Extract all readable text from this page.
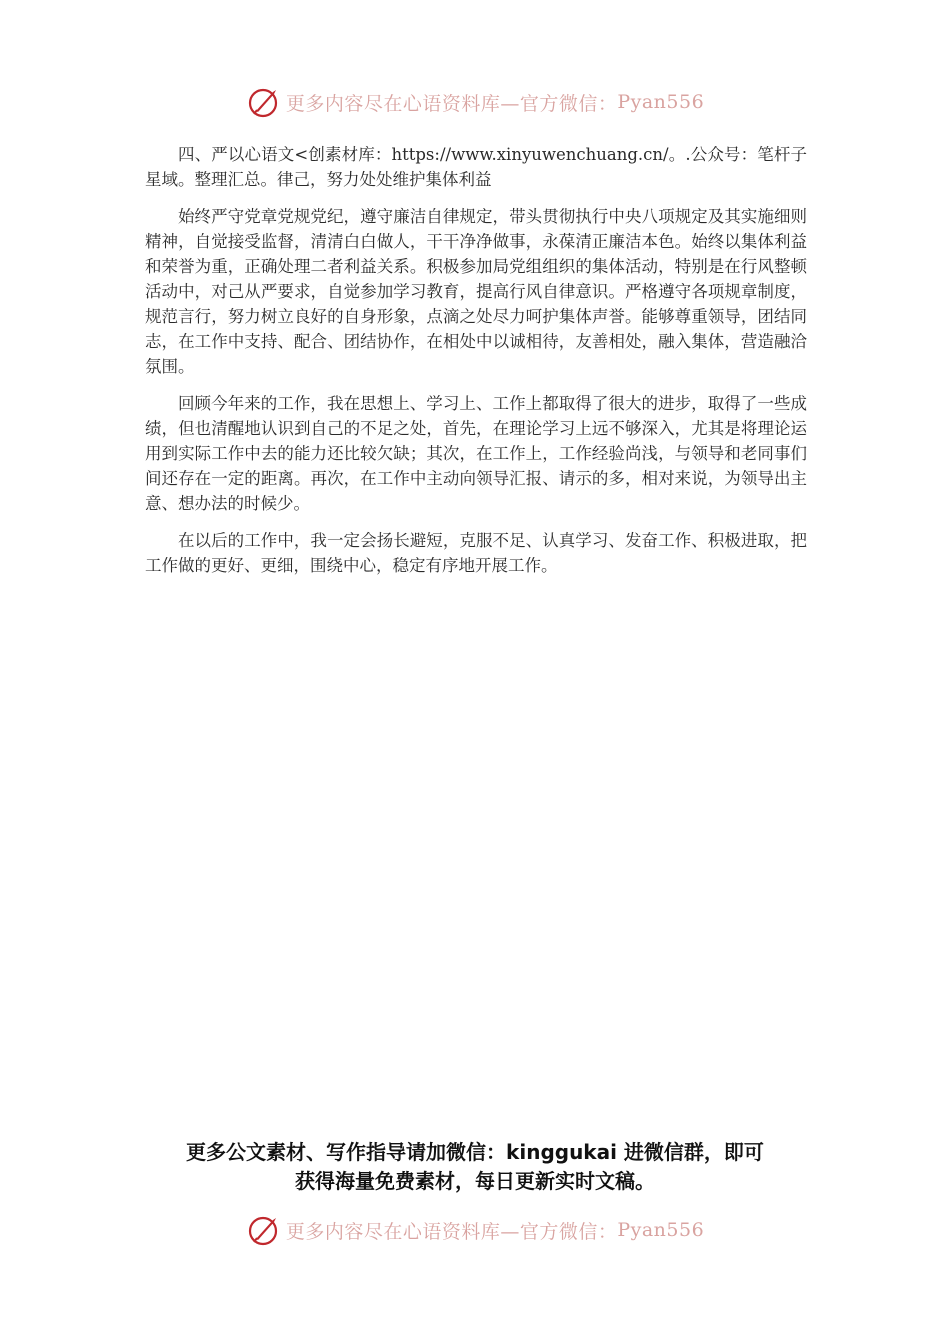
更多内容尽在心语资料库—官方微信： Pyan556

四、严以心语文<创素材库：https://www.xinyuwenchuang.cn/。.公众号：笔杆子星域。整理汇总。律己，努力处处维护集体利益

始终严守党章党规党纪，遵守廉洁自律规定，带头贯彻执行中央八项规定及其实施细则精神，自觉接受监督，清清白白做人，干干净净做事，永葆清正廉洁本色。始终以集体利益和荣誉为重，正确处理二者利益关系。积极参加局党组组织的集体活动，特别是在行风整顿活动中，对己从严要求，自觉参加学习教育，提高行风自律意识。严格遵守各项规章制度，规范言行，努力树立良好的自身形象，点滴之处尽力呵护集体声誉。能够尊重领导，团结同志，在工作中支持、配合、团结协作，在相处中以诚相待，友善相处，融入集体，营造融洽氛围。

回顾今年来的工作，我在思想上、学习上、工作上都取得了很大的进步，取得了一些成绩，但也清醒地认识到自己的不足之处，首先，在理论学习上远不够深入，尤其是将理论运用到实际工作中去的能力还比较欠缺；其次，在工作上，工作经验尚浅，与领导和老同事们间还存在一定的距离。再次，在工作中主动向领导汇报、请示的多，相对来说，为领导出主意、想办法的时候少。

在以后的工作中，我一定会扬长避短，克服不足、认真学习、发奋工作、积极进取，把工作做的更好、更细，围绕中心，稳定有序地开展工作。

更多公文素材、写作指导请加微信：kinggukai 进微信群，即可
获得海量免费素材，每日更新实时文稿。
更多内容尽在心语资料库—官方微信： Pyan556
